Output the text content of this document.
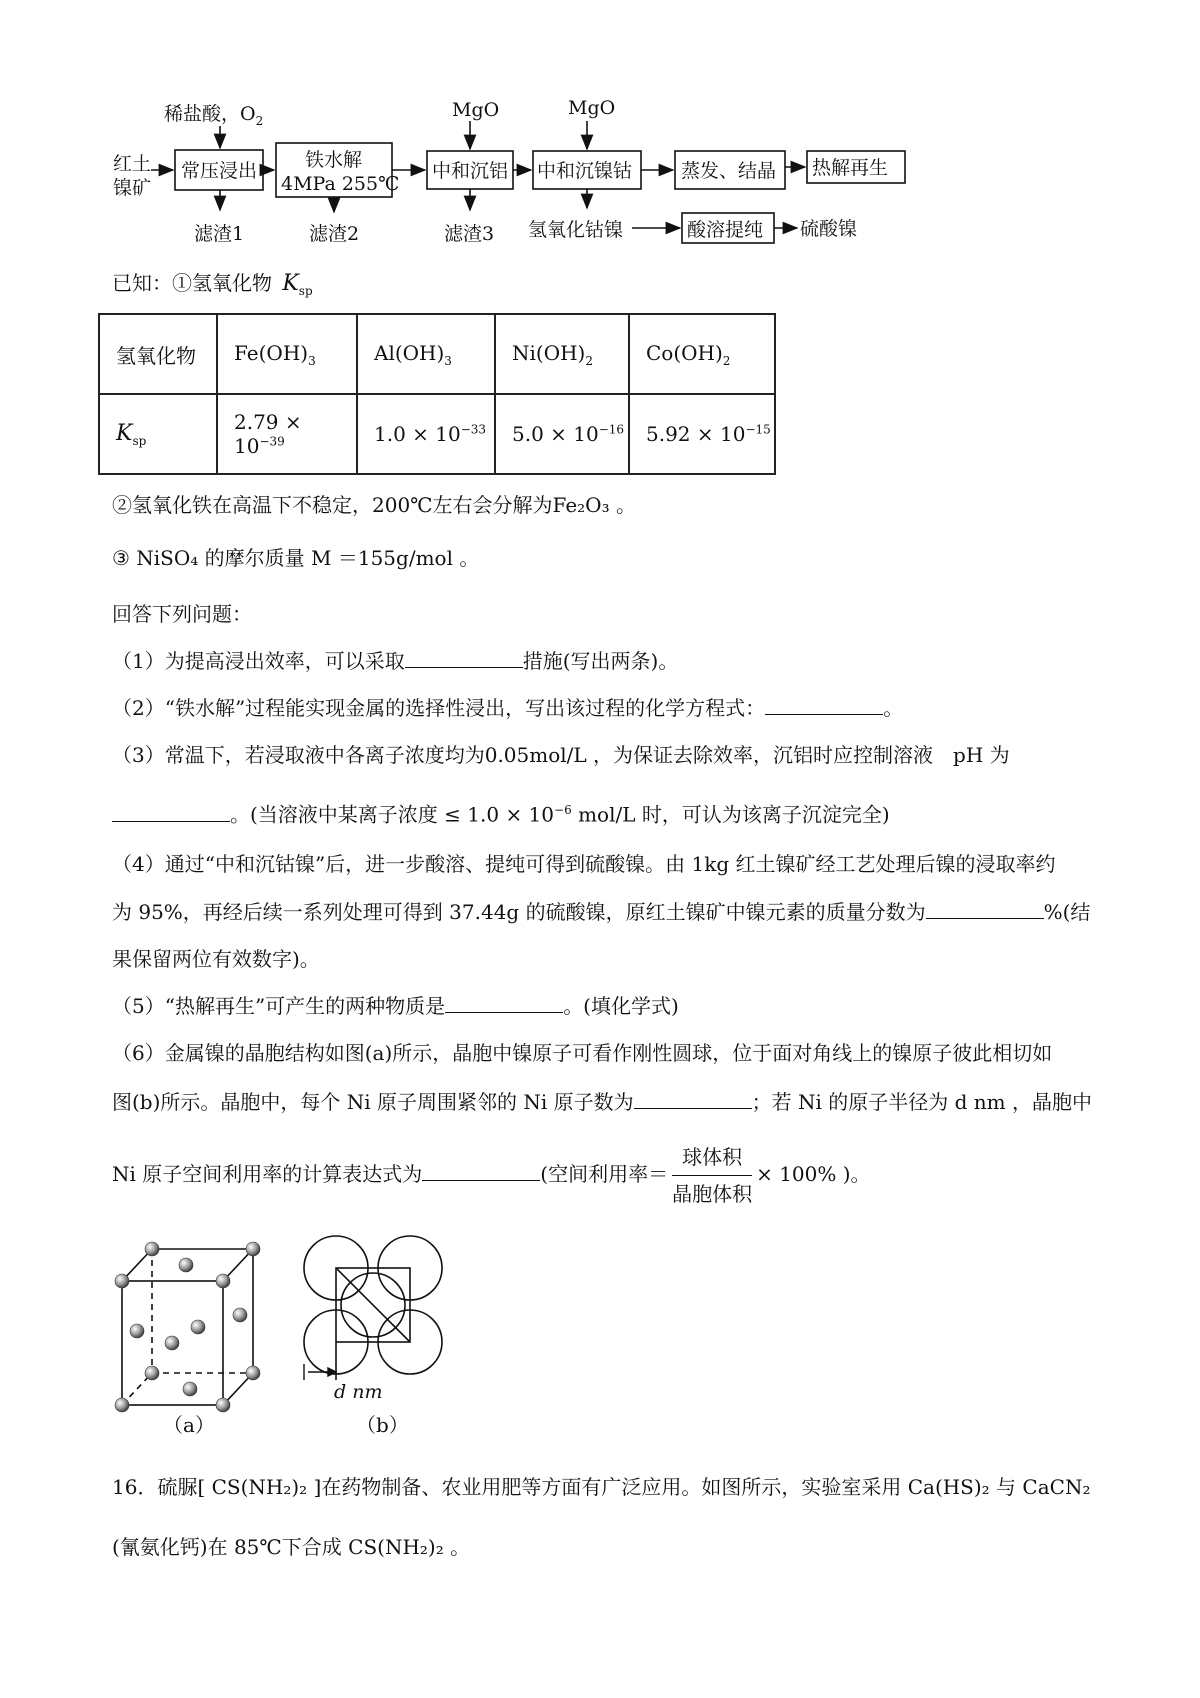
稀盐酸，$O_2$	MgO	MgO
红土
镍矿
常压浸出	铁水解
4MPa 255℃
中和沉铝 中和沉镍钴	蒸发、结晶 热解再生
滤渣1	滤渣2	滤渣3 氢氧化钴镍	酸溶提纯 硫酸镍
已知：①氢氧化物 $K_{sp}$
氢氧化物	$Fe(OH)_3$	$Al(OH)_3$	$Ni(OH)_2$	$Co(OH)_2$
$K_{sp}$	$2.79 \times 10^{-39}$	$1.0 \times 10^{-33}$	$5.0 \times 10^{-16}$	$5.92 \times 10^{-15}$
②氢氧化铁在高温下不稳定，200℃左右会分解为Fe₂O₃ 。
③ NiSO₄ 的摩尔质量 M ＝155g/mol 。
回答下列问题：
（1）为提高浸出效率，可以采取	措施(写出两条)。
（2）“铁水解”过程能实现金属的选择性浸出，写出该过程的化学方程式：	。
（3）常温下，若浸取液中各离子浓度均为0.05mol/L ，为保证去除效率，沉铝时应控制溶液　pH 为
。(当溶液中某离子浓度 ≤ $1.0 \times 10^{-6}$ mol/L 时，可认为该离子沉淀完全)
（4）通过“中和沉钴镍”后，进一步酸溶、提纯可得到硫酸镍。由 1kg 红土镍矿经工艺处理后镍的浸取率约
为 95%，再经后续一系列处理可得到 37.44g 的硫酸镍，原红土镍矿中镍元素的质量分数为	%(结
果保留两位有效数字)。
（5）“热解再生”可产生的两种物质是	。(填化学式)
（6）金属镍的晶胞结构如图(a)所示，晶胞中镍原子可看作刚性圆球，位于面对角线上的镍原子彼此相切如
图(b)所示。晶胞中，每个 Ni 原子周围紧邻的 Ni 原子数为	；若 Ni 的原子半径为 d nm ，晶胞中
Ni 原子空间利用率的计算表达式为	(空间利用率＝ $\frac{\text{球体积}}{\text{晶胞体积}} \times 100\%$ )。
（a）
d nm
（b）
16．硫脲[ CS(NH₂)₂ ]在药物制备、农业用肥等方面有广泛应用。如图所示，实验室采用 Ca(HS)₂ 与 CaCN₂
(氰氨化钙)在 85℃下合成 CS(NH₂)₂ 。
